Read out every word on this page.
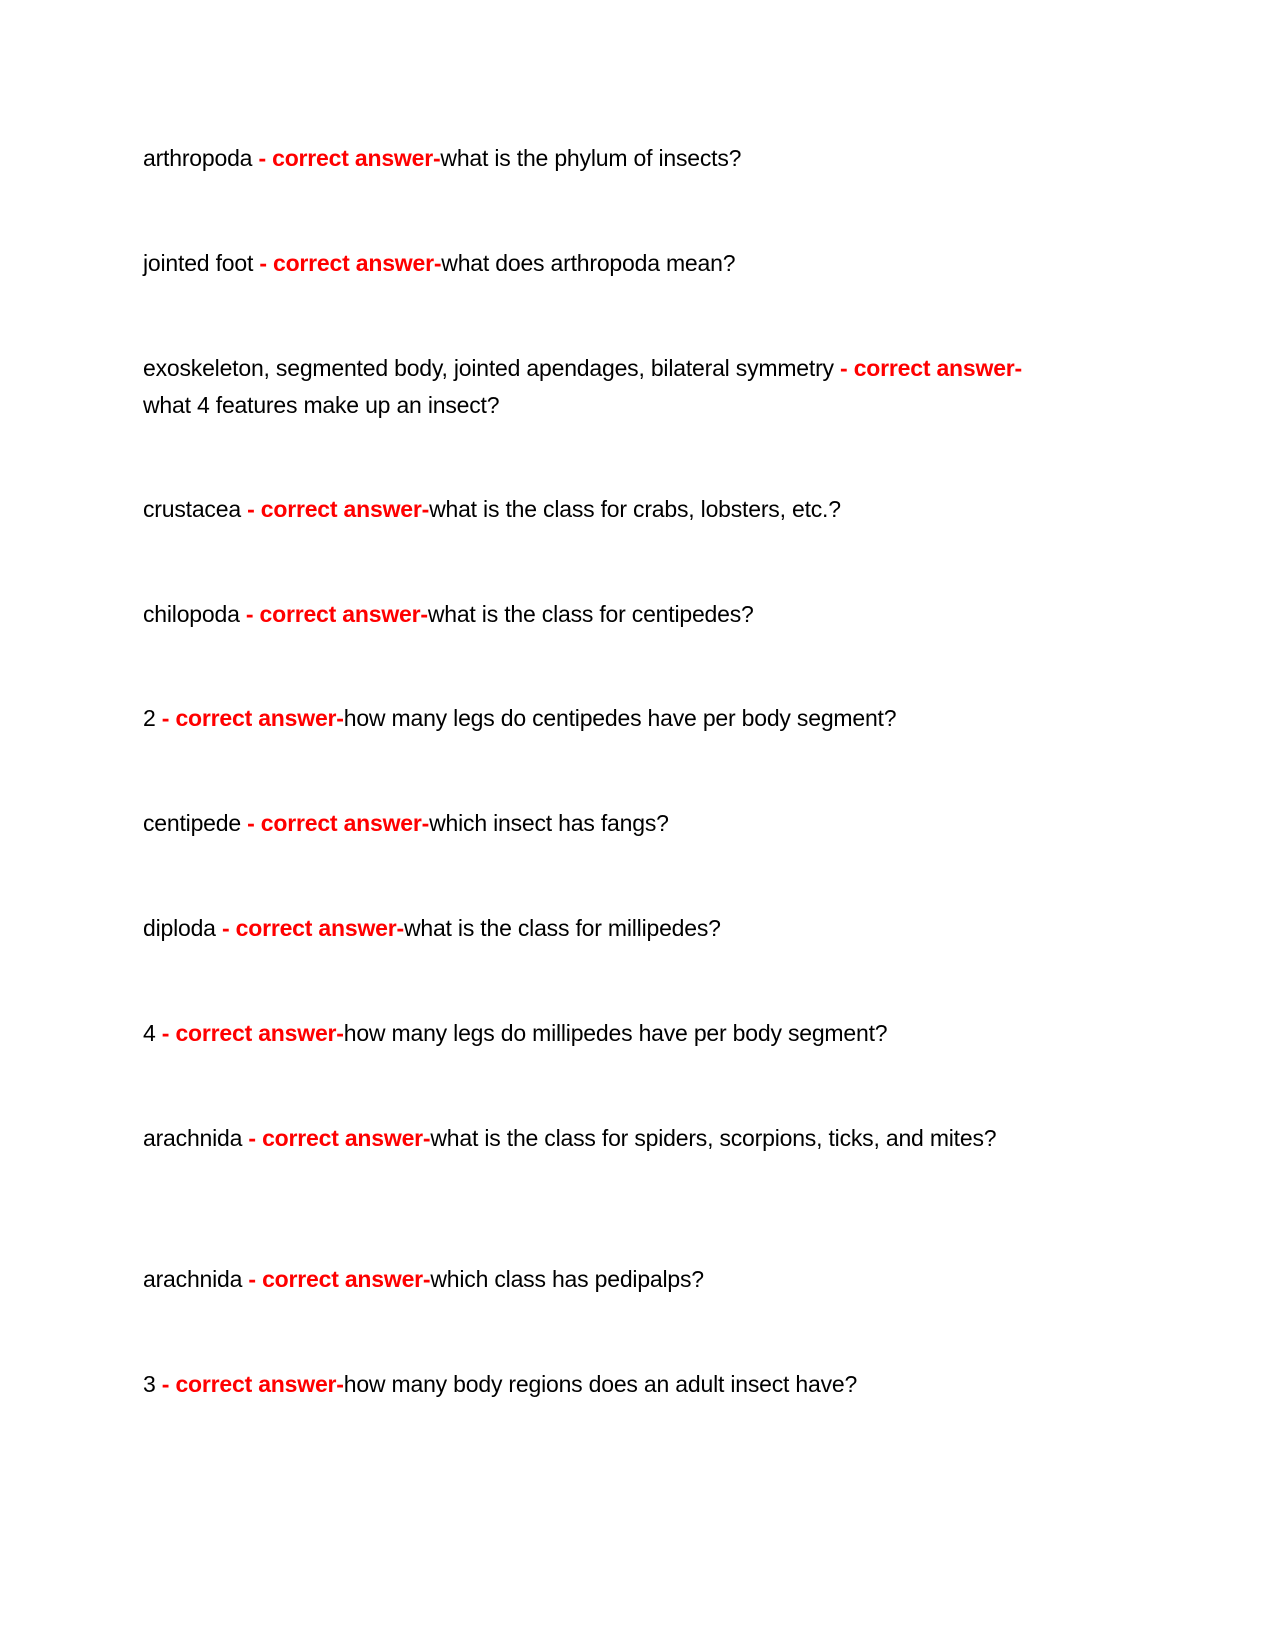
arthropoda - correct answer-what is the phylum of insects?

jointed foot - correct answer-what does arthropoda mean?

exoskeleton, segmented body, jointed apendages, bilateral symmetry - correct answer-what 4 features make up an insect?

crustacea - correct answer-what is the class for crabs, lobsters, etc.?

chilopoda - correct answer-what is the class for centipedes?

2 - correct answer-how many legs do centipedes have per body segment?

centipede - correct answer-which insect has fangs?

diploda - correct answer-what is the class for millipedes?

4 - correct answer-how many legs do millipedes have per body segment?

arachnida - correct answer-what is the class for spiders, scorpions, ticks, and mites?

arachnida - correct answer-which class has pedipalps?

3 - correct answer-how many body regions does an adult insect have?
